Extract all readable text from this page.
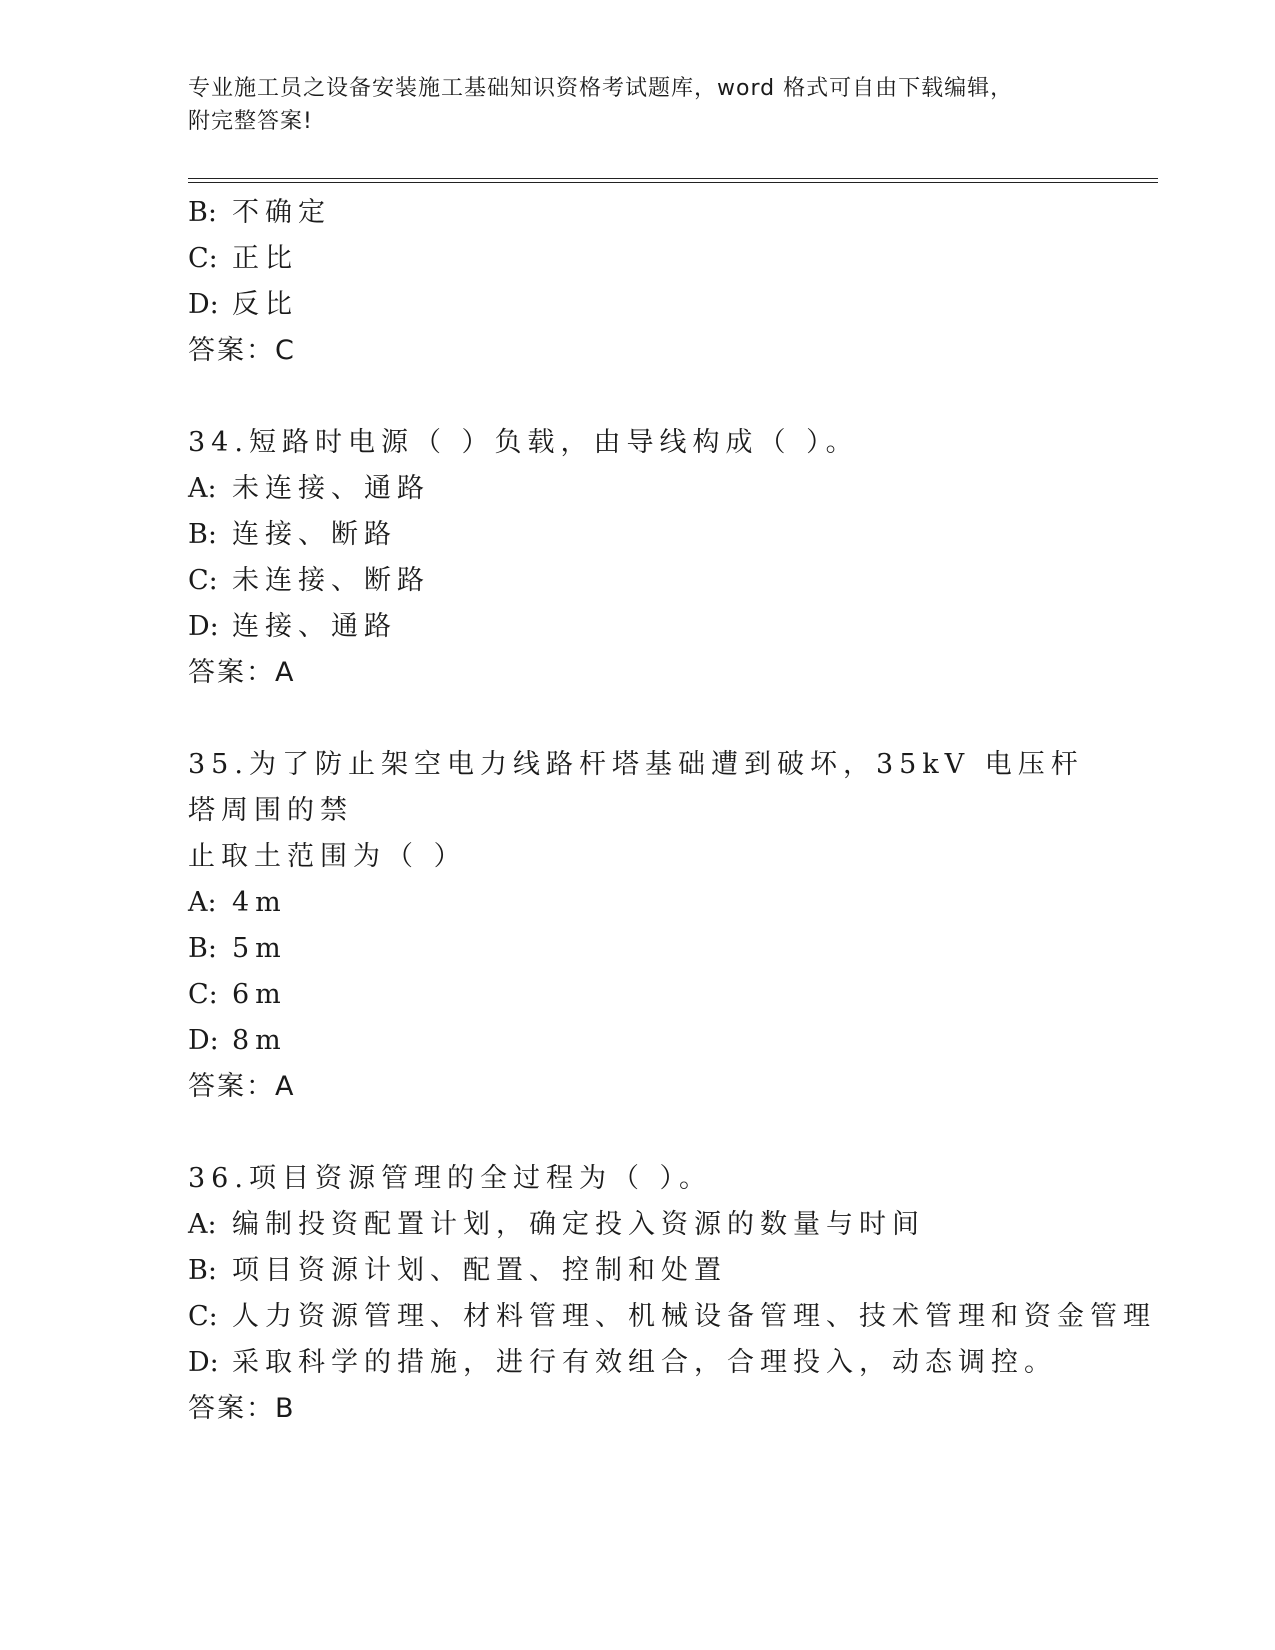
专业施工员之设备安装施工基础知识资格考试题库，word 格式可自由下载编辑，
附完整答案!
B: 不确定
C: 正比
D: 反比
答案：C
34.短路时电源（ ）负载，由导线构成（ ）。
A: 未连接、通路
B: 连接、断路
C: 未连接、断路
D: 连接、通路
答案：A
35.为了防止架空电力线路杆塔基础遭到破坏，35kV 电压杆塔周围的禁
止取土范围为（ ）
A: 4m
B: 5m
C: 6m
D: 8m
答案：A
36.项目资源管理的全过程为（ ）。
A: 编制投资配置计划，确定投入资源的数量与时间
B: 项目资源计划、配置、控制和处置
C: 人力资源管理、材料管理、机械设备管理、技术管理和资金管理
D: 采取科学的措施，进行有效组合，合理投入，动态调控。
答案：B
